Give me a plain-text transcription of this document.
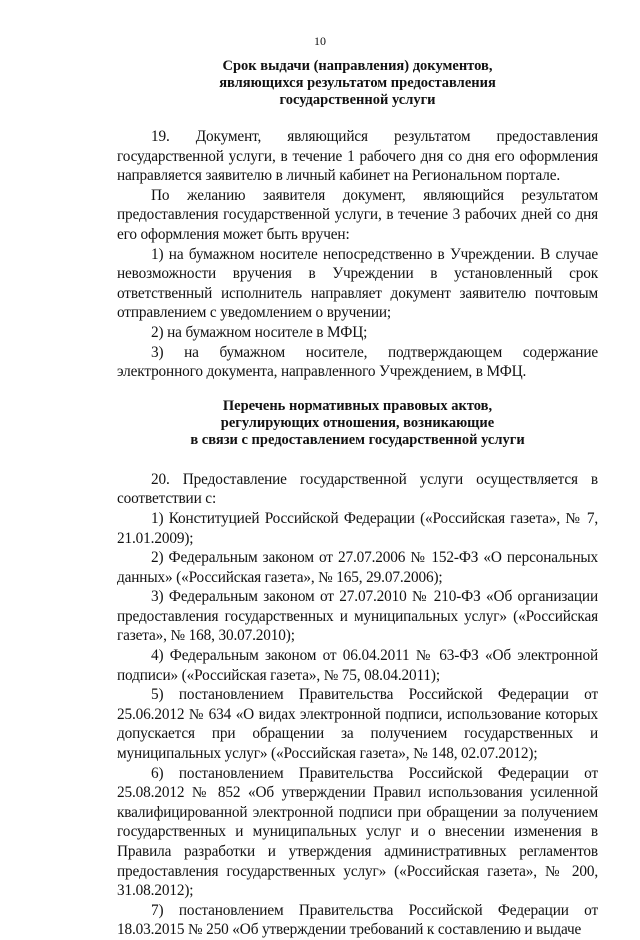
10
Срок выдачи (направления) документов,
являющихся результатом предоставления
государственной услуги

19. Документ, являющийся результатом предоставления государственной услуги, в течение 1 рабочего дня со дня его оформления направляется заявителю в личный кабинет на Региональном портале.

По желанию заявителя документ, являющийся результатом предоставления государственной услуги, в течение 3 рабочих дней со дня его оформления может быть вручен:

1) на бумажном носителе непосредственно в Учреждении. В случае невозможности вручения в Учреждении в установленный срок ответственный исполнитель направляет документ заявителю почтовым отправлением с уведомлением о вручении;

2) на бумажном носителе в МФЦ;

3) на бумажном носителе, подтверждающем содержание электронного документа, направленного Учреждением, в МФЦ.

Перечень нормативных правовых актов,
регулирующих отношения, возникающие
в связи с предоставлением государственной услуги

20. Предоставление государственной услуги осуществляется в соответствии с:

1) Конституцией Российской Федерации («Российская газета», № 7, 21.01.2009);

2) Федеральным законом от 27.07.2006 № 152-ФЗ «О персональных данных» («Российская газета», № 165, 29.07.2006);

3) Федеральным законом от 27.07.2010 № 210-ФЗ «Об организации предоставления государственных и муниципальных услуг» («Российская газета», № 168, 30.07.2010);

4) Федеральным законом от 06.04.2011 № 63-ФЗ «Об электронной подписи» («Российская газета», № 75, 08.04.2011);

5) постановлением Правительства Российской Федерации от 25.06.2012 № 634 «О видах электронной подписи, использование которых допускается при обращении за получением государственных и муниципальных услуг» («Российская газета», № 148, 02.07.2012);

6) постановлением Правительства Российской Федерации от 25.08.2012 № 852 «Об утверждении Правил использования усиленной квалифицированной электронной подписи при обращении за получением государственных и муниципальных услуг и о внесении изменения в Правила разработки и утверждения административных регламентов предоставления государственных услуг» («Российская газета», № 200, 31.08.2012);

7) постановлением Правительства Российской Федерации от 18.03.2015 № 250 «Об утверждении требований к составлению и выдаче
